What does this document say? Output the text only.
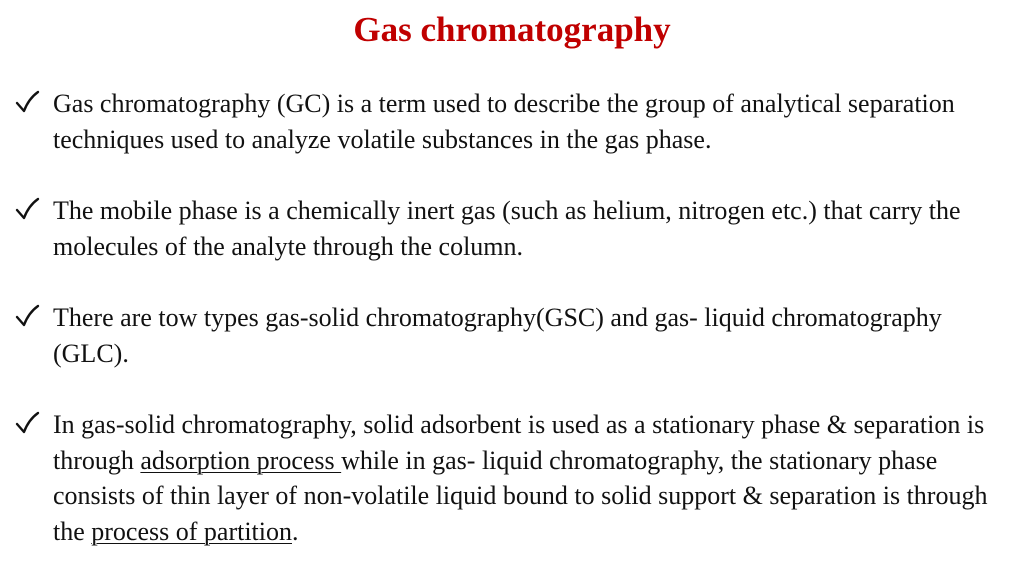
Gas chromatography
Gas chromatography (GC) is a term used to describe the group of analytical separation techniques used to analyze volatile substances in the gas phase.
The mobile phase is a chemically inert gas (such as helium, nitrogen etc.) that carry the molecules of the analyte through the column.
There are tow types gas-solid chromatography(GSC) and gas- liquid chromatography (GLC).
In gas-solid chromatography, solid adsorbent is used as a stationary phase & separation is through adsorption process while in gas- liquid chromatography, the stationary phase consists of thin layer of non-volatile liquid bound to solid support & separation is through the process of partition.
